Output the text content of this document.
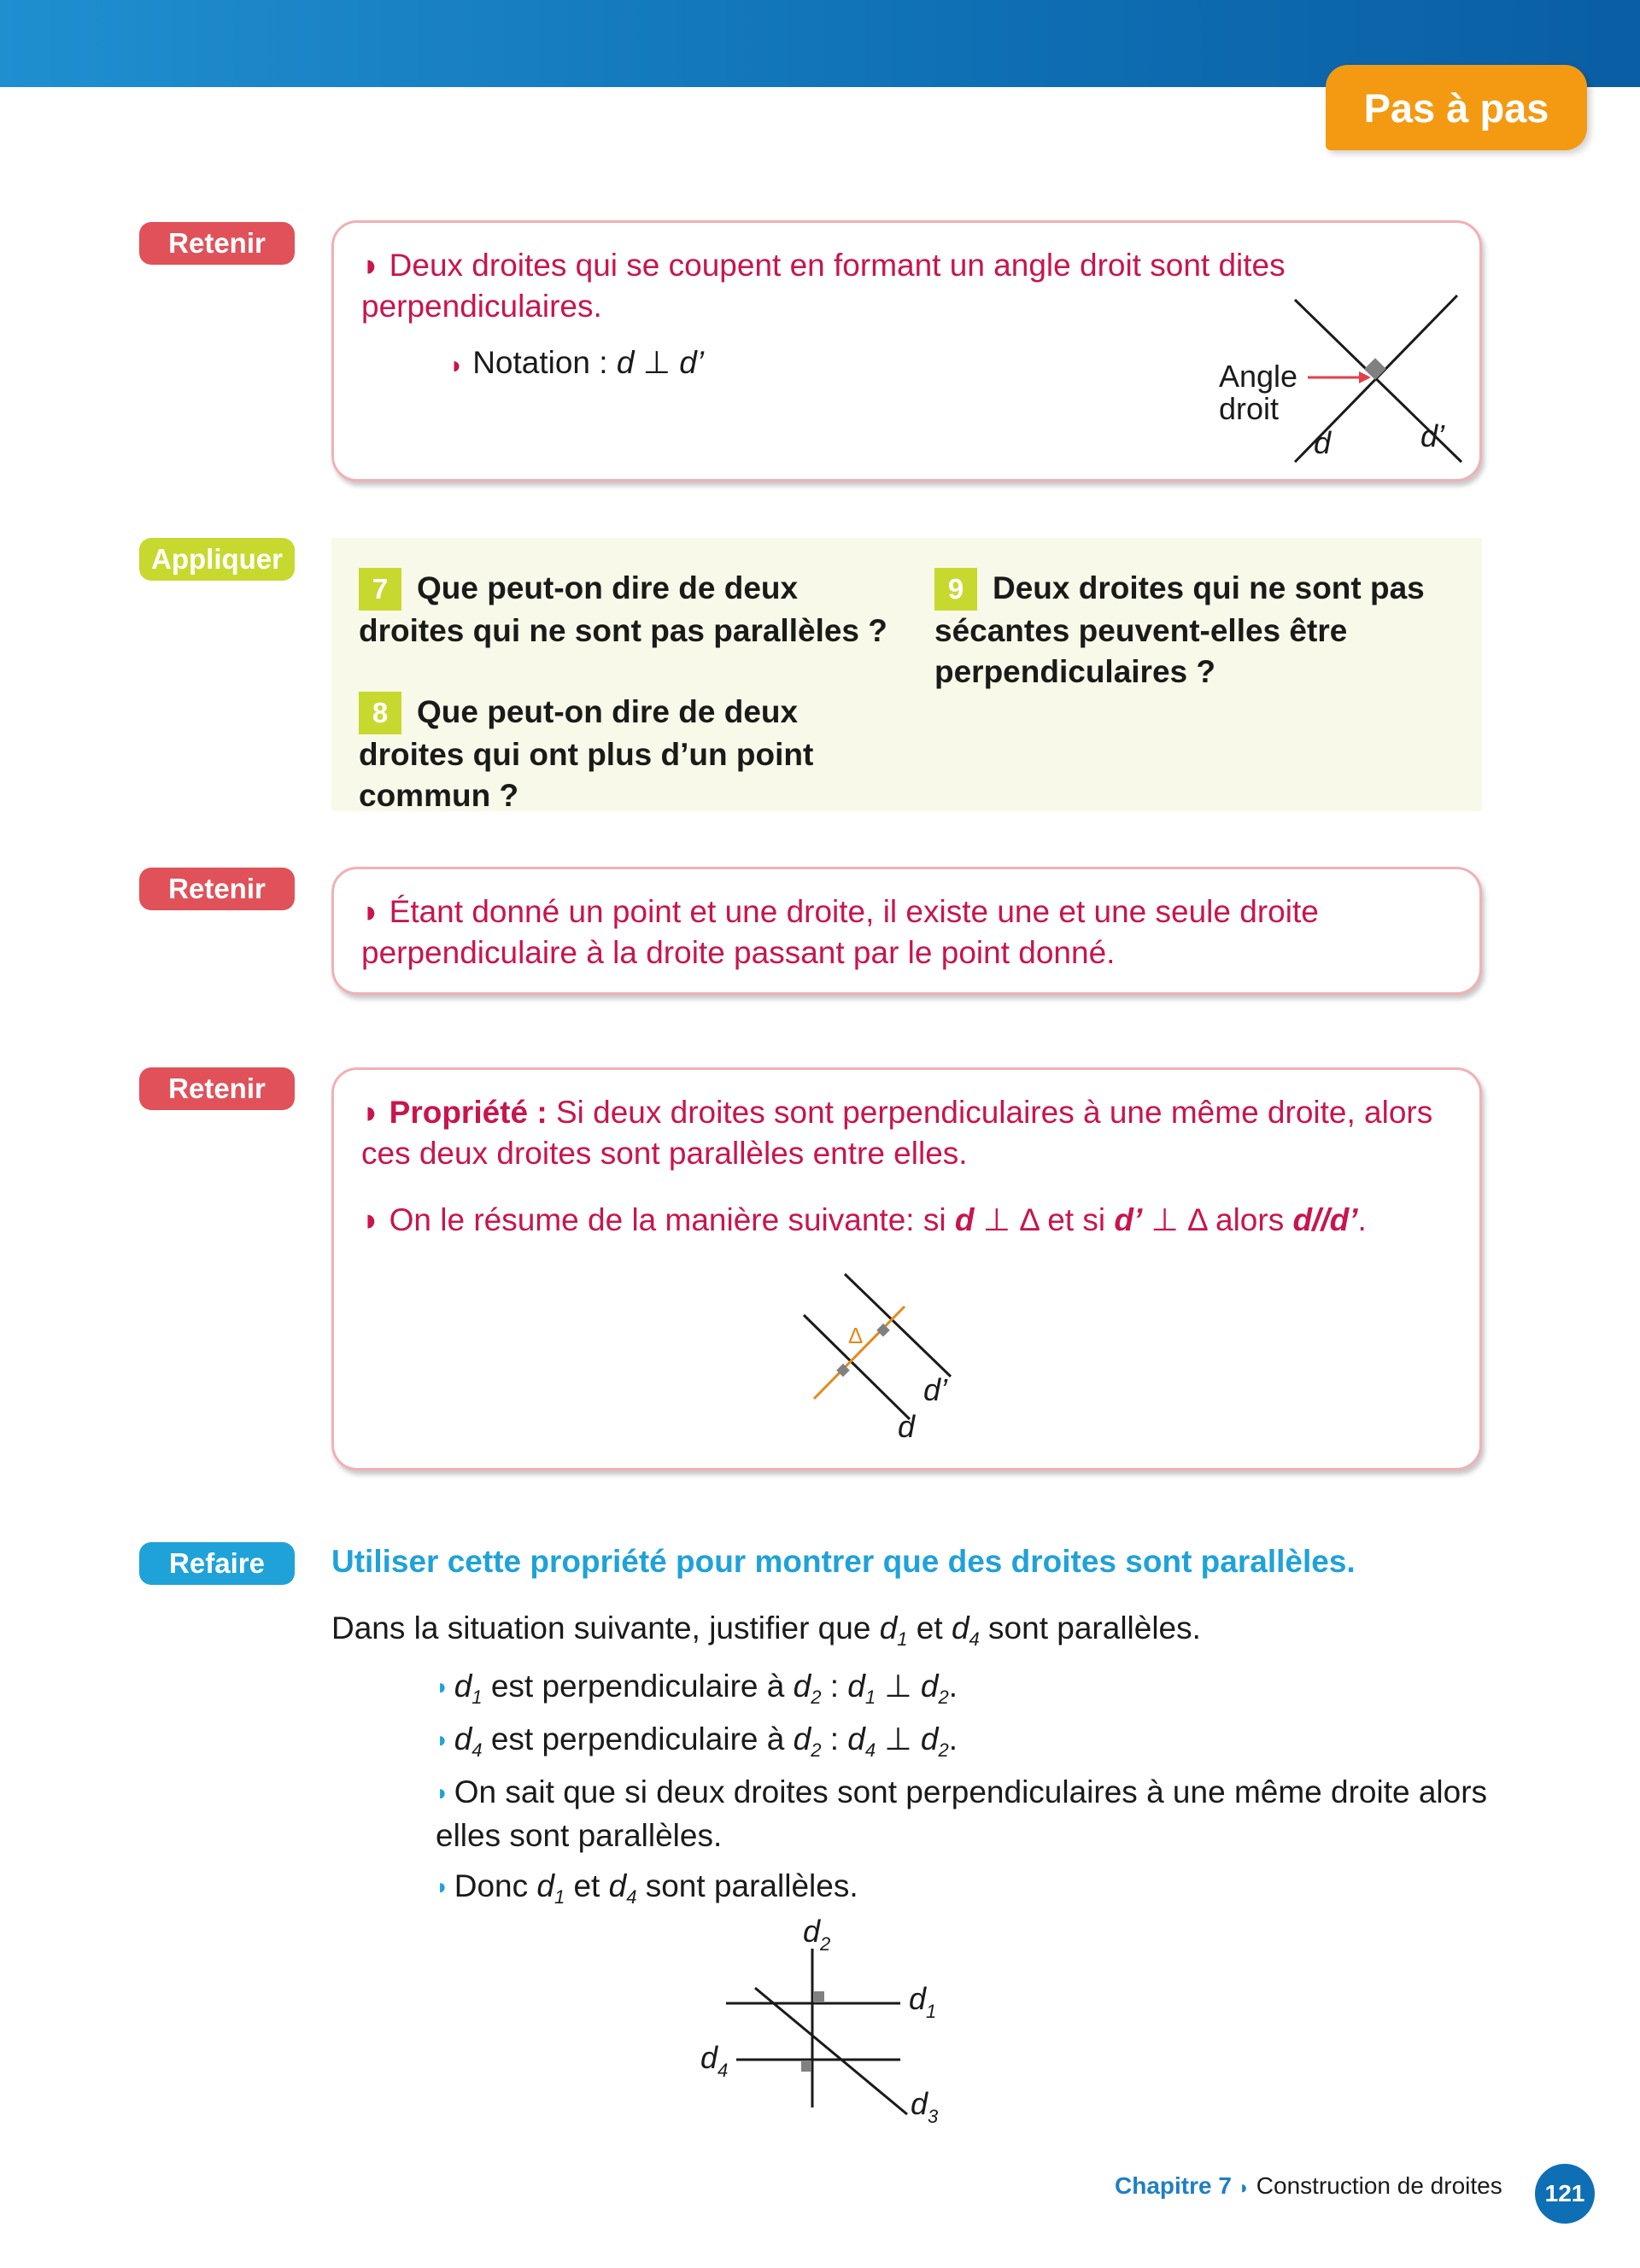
Pas à pas
Retenir
◗ Deux droites qui se coupent en formant un angle droit sont dites perpendiculaires.
◗ Notation : d ⊥ d’	Angle
droit
d	d’
Appliquer
7 Que peut-on dire de deux droites qui ne sont pas parallèles ?
8 Que peut-on dire de deux droites qui ont plus d’un point commun ?
9 Deux droites qui ne sont pas sécantes peuvent-elles être perpendiculaires ?
Retenir
◗ Étant donné un point et une droite, il existe une et une seule droite perpendiculaire à la droite passant par le point donné.
Retenir
◗ Propriété : Si deux droites sont perpendiculaires à une même droite, alors ces deux droites sont parallèles entre elles.
◗ On le résume de la manière suivante: si d ⊥ Δ et si d’ ⊥ Δ alors d//d’.
Δ
d’
d
Refaire	Utiliser cette propriété pour montrer que des droites sont parallèles.
Dans la situation suivante, justifier que $d_1$ et $d_4$ sont parallèles.
◗ $d_1$ est perpendiculaire à $d_2$ : $d_1$ ⊥ $d_2$.
◗ $d_4$ est perpendiculaire à $d_2$ : $d_4$ ⊥ $d_2$.
◗ On sait que si deux droites sont perpendiculaires à une même droite alors elles sont parallèles.
◗ Donc $d_1$ et $d_4$ sont parallèles.
$d_2$
$d_1$
$d_4$
$d_3$
Chapitre 7 ◗ Construction de droites	121
